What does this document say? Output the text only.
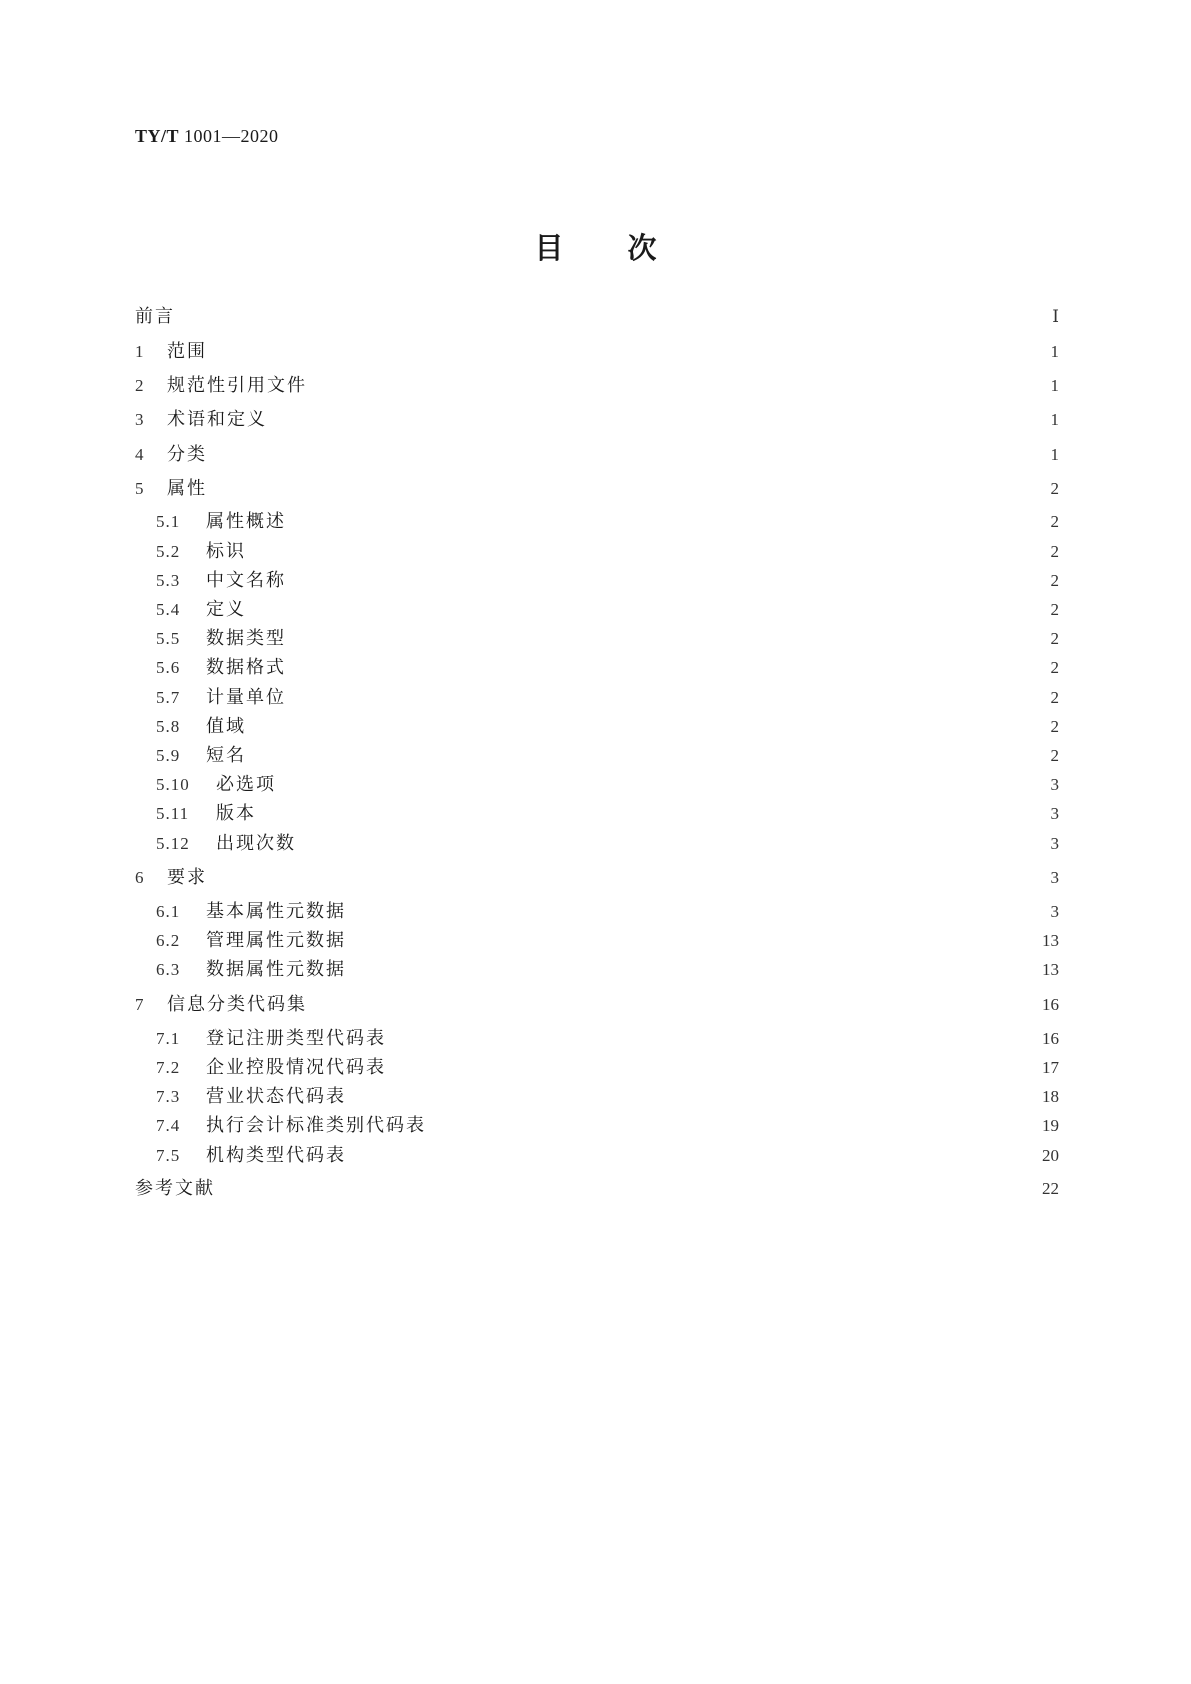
TY/T 1001—2020
目 次
前言	Ⅰ
1	范围	1
2	规范性引用文件	1
3	术语和定义	1
4	分类	1
5	属性	2
5.1	属性概述	2
5.2	标识	2
5.3	中文名称	2
5.4	定义	2
5.5	数据类型	2
5.6	数据格式	2
5.7	计量单位	2
5.8	值域	2
5.9	短名	2
5.10	必选项	3
5.11	版本	3
5.12	出现次数	3
6	要求	3
6.1	基本属性元数据	3
6.2	管理属性元数据	13
6.3	数据属性元数据	13
7	信息分类代码集	16
7.1	登记注册类型代码表	16
7.2	企业控股情况代码表	17
7.3	营业状态代码表	18
7.4	执行会计标准类别代码表	19
7.5	机构类型代码表	20
参考文献	22
